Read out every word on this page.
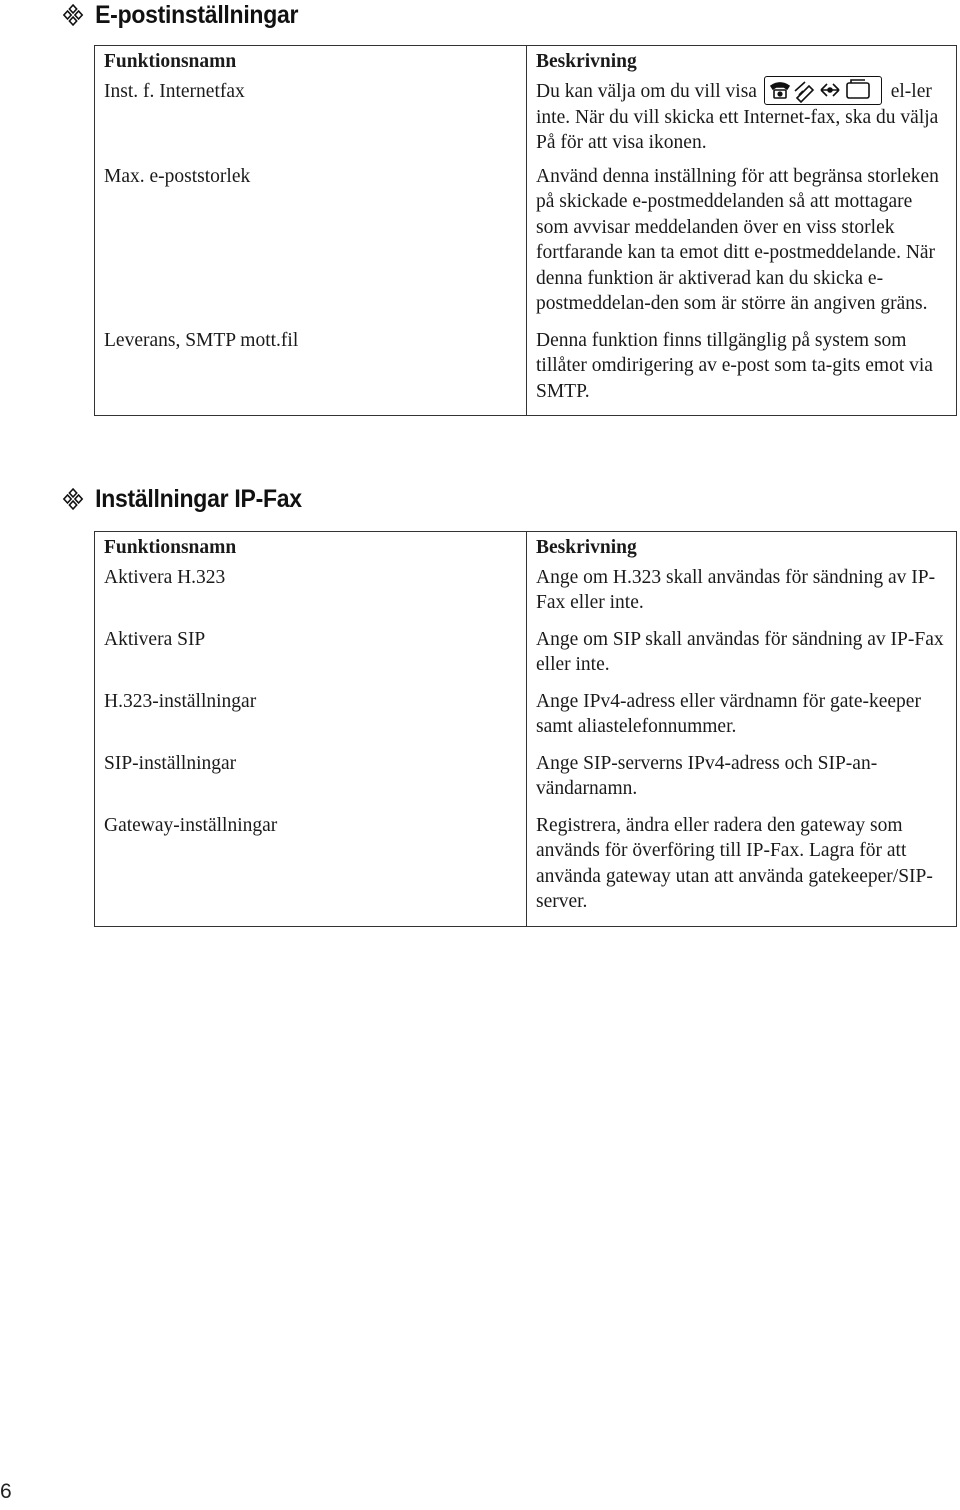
E-postinställningar
Funktionsnamn	Beskrivning
Inst. f. Internetfax	Du kan välja om du vill visa el-ler inte. När du vill skicka ett Internet-fax, ska du välja På för att visa ikonen.
Max. e-poststorlek	Använd denna inställning för att begränsa storleken på skickade e-postmeddelanden så att mottagare som avvisar meddelanden över en viss storlek fortfarande kan ta emot ditt e-postmeddelande. När denna funktion är aktiverad kan du skicka e-postmeddelan-den som är större än angiven gräns.
Leverans, SMTP mott.fil	Denna funktion finns tillgänglig på system som tillåter omdirigering av e-post som ta-gits emot via SMTP.
Inställningar IP-Fax
Funktionsnamn	Beskrivning
Aktivera H.323	Ange om H.323 skall användas för sändning av IP-Fax eller inte.
Aktivera SIP	Ange om SIP skall användas för sändning av IP-Fax eller inte.
H.323-inställningar	Ange IPv4-adress eller värdnamn för gate-keeper samt aliastelefonnummer.
SIP-inställningar	Ange SIP-serverns IPv4-adress och SIP-an-vändarnamn.
Gateway-inställningar	Registrera, ändra eller radera den gateway som används för överföring till IP-Fax. Lagra för att använda gateway utan att använda gatekeeper/SIP-server.
6
